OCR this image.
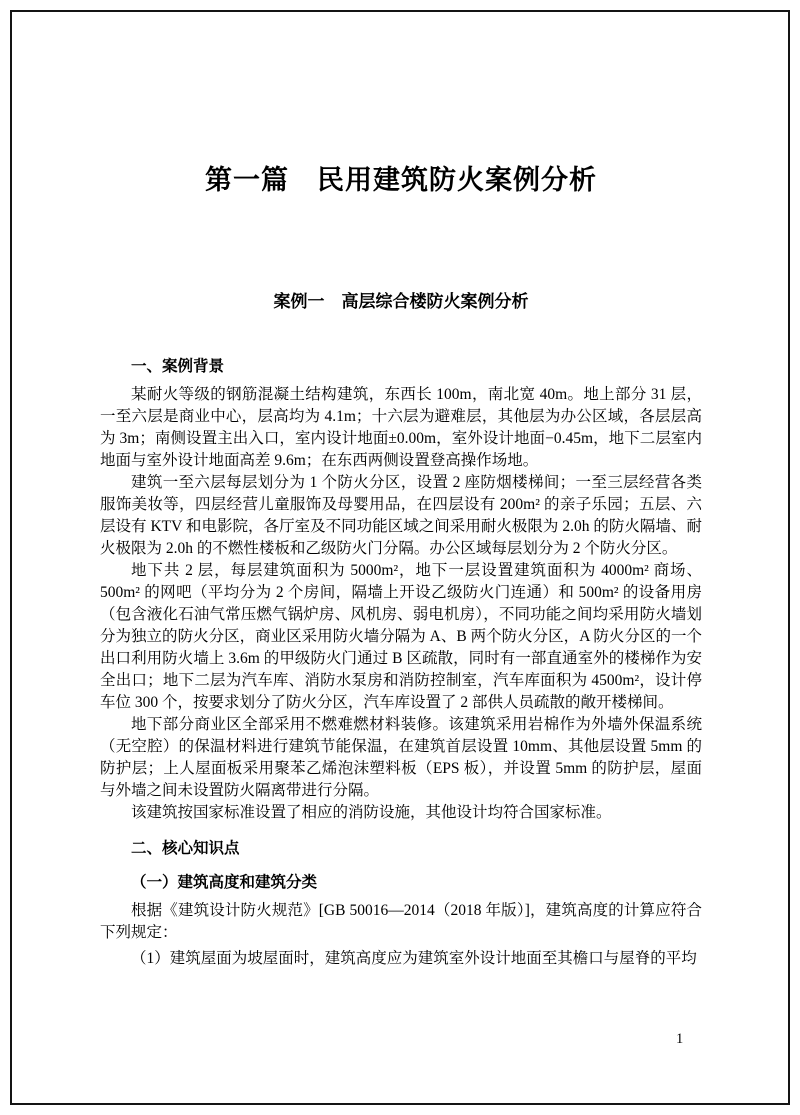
第一篇　民用建筑防火案例分析
案例一　高层综合楼防火案例分析
一、案例背景

某耐火等级的钢筋混凝土结构建筑，东西长 100m，南北宽 40m。地上部分 31 层，一至六层是商业中心，层高均为 4.1m；十六层为避难层，其他层为办公区域，各层层高为 3m；南侧设置主出入口，室内设计地面±0.00m，室外设计地面−0.45m，地下二层室内地面与室外设计地面高差 9.6m；在东西两侧设置登高操作场地。

建筑一至六层每层划分为 1 个防火分区，设置 2 座防烟楼梯间；一至三层经营各类服饰美妆等，四层经营儿童服饰及母婴用品，在四层设有 200m² 的亲子乐园；五层、六层设有 KTV 和电影院，各厅室及不同功能区域之间采用耐火极限为 2.0h 的防火隔墙、耐火极限为 2.0h 的不燃性楼板和乙级防火门分隔。办公区域每层划分为 2 个防火分区。

地下共 2 层，每层建筑面积为 5000m²，地下一层设置建筑面积为 4000m² 商场、500m² 的网吧（平均分为 2 个房间，隔墙上开设乙级防火门连通）和 500m² 的设备用房（包含液化石油气常压燃气锅炉房、风机房、弱电机房），不同功能之间均采用防火墙划分为独立的防火分区，商业区采用防火墙分隔为 A、B 两个防火分区，A 防火分区的一个出口利用防火墙上 3.6m 的甲级防火门通过 B 区疏散，同时有一部直通室外的楼梯作为安全出口；地下二层为汽车库、消防水泵房和消防控制室，汽车库面积为 4500m²，设计停车位 300 个，按要求划分了防火分区，汽车库设置了 2 部供人员疏散的敞开楼梯间。

地下部分商业区全部采用不燃难燃材料装修。该建筑采用岩棉作为外墙外保温系统（无空腔）的保温材料进行建筑节能保温，在建筑首层设置 10mm、其他层设置 5mm 的防护层；上人屋面板采用聚苯乙烯泡沫塑料板（EPS 板），并设置 5mm 的防护层，屋面与外墙之间未设置防火隔离带进行分隔。

该建筑按国家标准设置了相应的消防设施，其他设计均符合国家标准。

二、核心知识点
（一）建筑高度和建筑分类

根据《建筑设计防火规范》[GB 50016—2014（2018 年版）]，建筑高度的计算应符合下列规定：

（1）建筑屋面为坡屋面时，建筑高度应为建筑室外设计地面至其檐口与屋脊的平均

1
